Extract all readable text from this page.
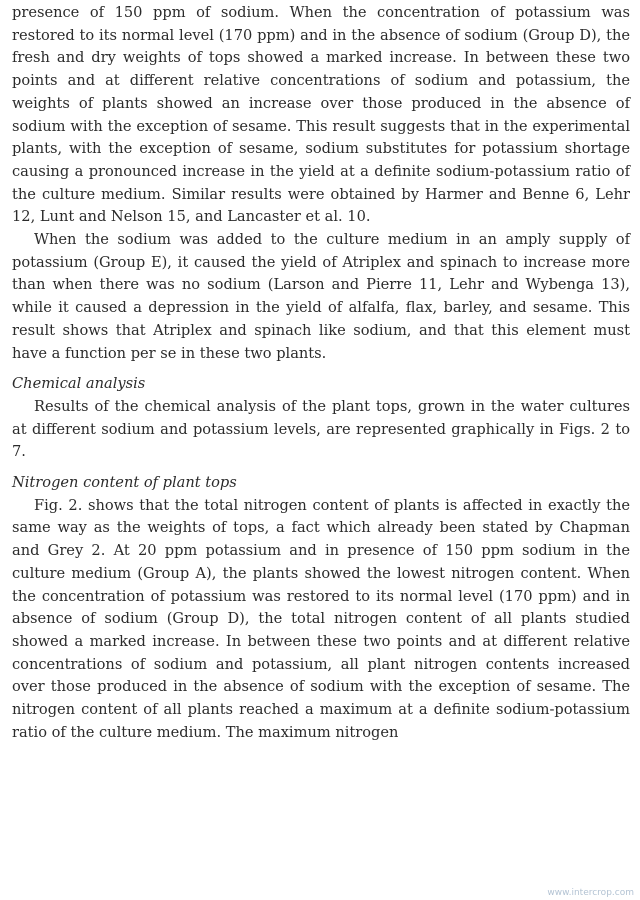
presence of 150 ppm of sodium. When the concentration of potassium was restored to its normal level (170 ppm) and in the absence of sodium (Group D), the fresh and dry weights of tops showed a marked increase. In between these two points and at different relative concentrations of sodium and potassium, the weights of plants showed an increase over those produced in the absence of sodium with the exception of sesame. This result suggests that in the experimental plants, with the exception of sesame, sodium substitutes for potassium shortage causing a pronounced increase in the yield at a definite sodium-potassium ratio of the culture medium. Similar results were obtained by Harmer and Benne 6, Lehr 12, Lunt and Nelson 15, and Lancaster et al. 10.

When the sodium was added to the culture medium in an amply supply of potassium (Group E), it caused the yield of Atriplex and spinach to increase more than when there was no sodium (Larson and Pierre 11, Lehr and Wybenga 13), while it caused a depression in the yield of alfalfa, flax, barley, and sesame. This result shows that Atriplex and spinach like sodium, and that this element must have a function per se in these two plants.

Chemical analysis

Results of the chemical analysis of the plant tops, grown in the water cultures at different sodium and potassium levels, are represented graphically in Figs. 2 to 7.

Nitrogen content of plant tops

Fig. 2. shows that the total nitrogen content of plants is affected in exactly the same way as the weights of tops, a fact which already been stated by Chapman and Grey 2. At 20 ppm potassium and in presence of 150 ppm sodium in the culture medium (Group A), the plants showed the lowest nitrogen content. When the concentration of potassium was restored to its normal level (170 ppm) and in absence of sodium (Group D), the total nitrogen content of all plants studied showed a marked increase. In between these two points and at different relative concentrations of sodium and potassium, all plant nitrogen contents increased over those produced in the absence of sodium with the exception of sesame. The nitrogen content of all plants reached a maximum at a definite sodium-potassium ratio of the culture medium. The maximum nitrogen

www.intercrop.com
